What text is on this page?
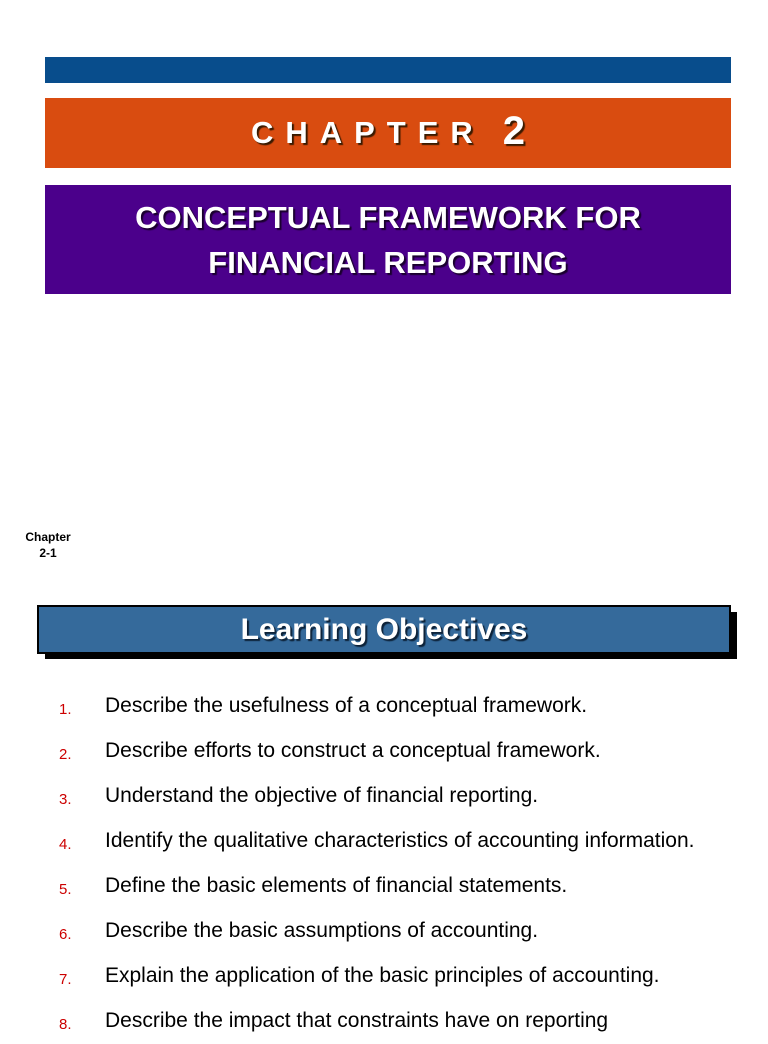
CHAPTER 2
CONCEPTUAL FRAMEWORK FOR
FINANCIAL REPORTING
Chapter
2-1
Learning Objectives
1. Describe the usefulness of a conceptual framework.
2. Describe efforts to construct a conceptual framework.
3. Understand the objective of financial reporting.
4. Identify the qualitative characteristics of accounting information.
5. Define the basic elements of financial statements.
6. Describe the basic assumptions of accounting.
7. Explain the application of the basic principles of accounting.
8. Describe the impact that constraints have on reporting
